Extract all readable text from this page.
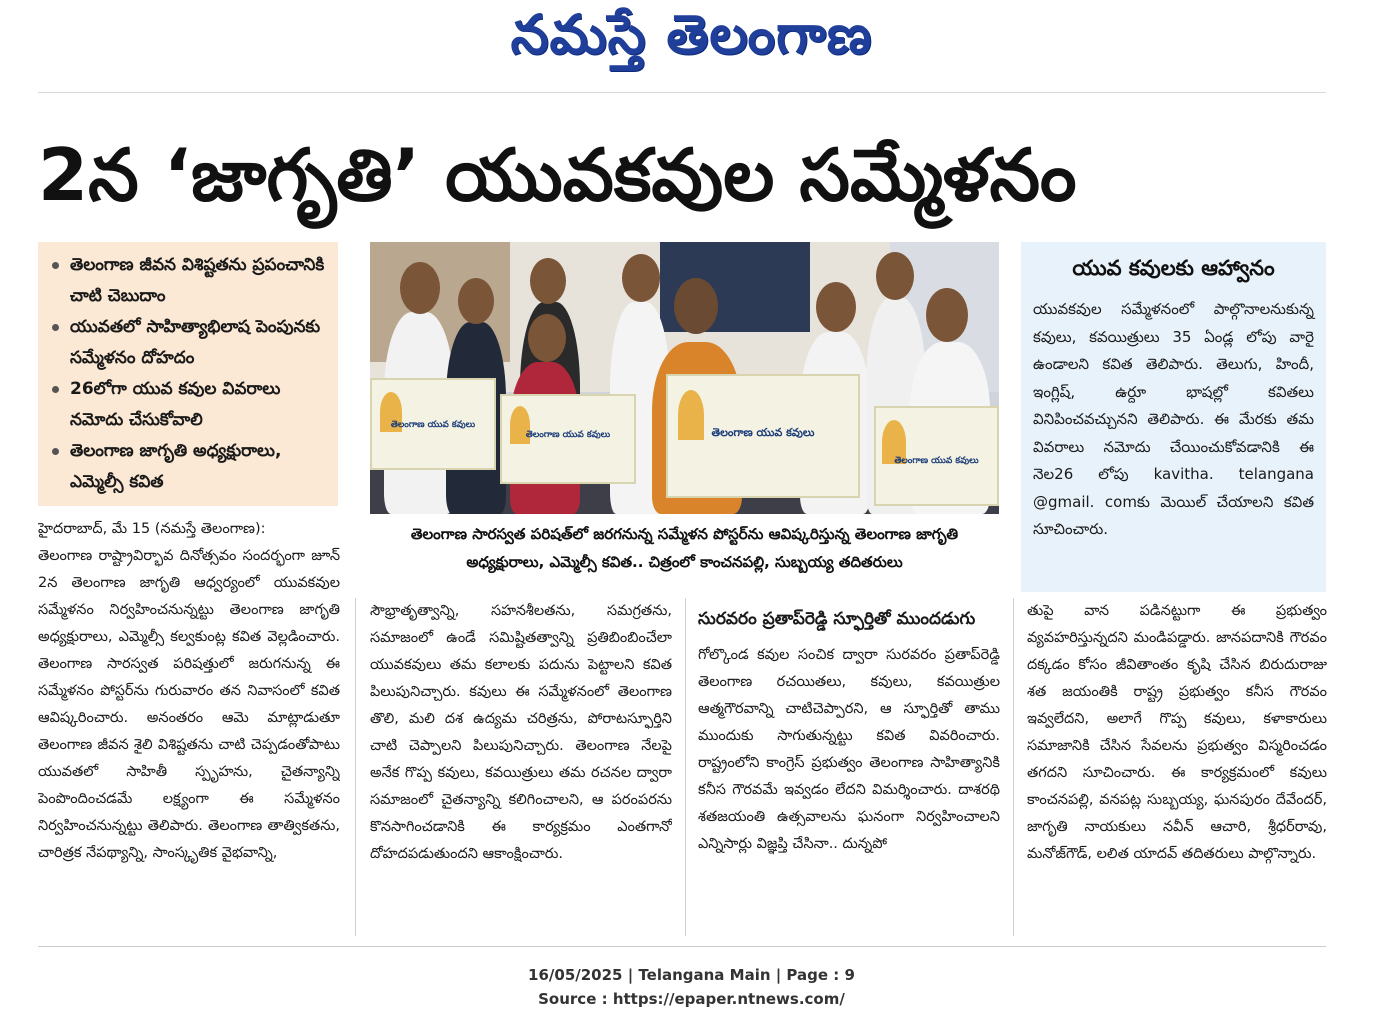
నమస్తే తెలంగాణ
2న ‘జాగృతి’ యువకవుల సమ్మేళనం
తెలంగాణ జీవన విశిష్టతను ప్రపంచానికి చాటి చెబుదాం
యువతలో సాహిత్యాభిలాష పెంపునకు సమ్మేళనం దోహదం
26లోగా యువ కవుల వివరాలు నమోదు చేసుకోవాలి
తెలంగాణ జాగృతి అధ్యక్షురాలు, ఎమ్మెల్సీ కవిత
తెలంగాణ యువ కవులు
తెలంగాణ యువ కవులు	తెలంగాణ యువ కవులు
తెలంగాణ యువ కవులు
తెలంగాణ సారస్వత పరిషత్‌లో జరగనున్న సమ్మేళన పోస్టర్‌ను ఆవిష్కరిస్తున్న తెలంగాణ జాగృతి అధ్యక్షురాలు, ఎమ్మెల్సీ కవిత.. చిత్రంలో కాంచనపల్లి, సుబ్బయ్య తదితరులు
యువ కవులకు ఆహ్వానం

యువకవుల సమ్మేళనంలో పాల్గొనాలనుకున్న కవులు, కవయిత్రులు 35 ఏండ్ల లోపు వారై ఉండాలని కవిత తెలిపారు. తెలుగు, హిందీ, ఇంగ్లిష్, ఉర్దూ భాషల్లో కవితలు వినిపించవచ్చునని తెలిపారు. ఈ మేరకు తమ వివరాలు నమోదు చేయించుకోవడానికి ఈ నెల26 లోపు kavitha. telangana @gmail. comకు మెయిల్ చేయాలని కవిత సూచించారు.

హైదరాబాద్, మే 15 (నమస్తే తెలంగాణ):

తెలంగాణ రాష్ట్రావిర్భావ దినోత్సవం సందర్భంగా జూన్ 2న తెలంగాణ జాగృతి ఆధ్వర్యంలో యువకవుల సమ్మేళనం నిర్వహించనున్నట్టు తెలంగాణ జాగృతి అధ్యక్షురాలు, ఎమ్మెల్సీ కల్వకుంట్ల కవిత వెల్లడించారు. తెలంగాణ సారస్వత పరిషత్తులో జరుగనున్న ఈ సమ్మేళనం పోస్టర్‌ను గురువారం తన నివాసంలో కవిత ఆవిష్కరించారు. అనంతరం ఆమె మాట్లాడుతూ తెలంగాణ జీవన శైలి విశిష్టతను చాటి చెప్పడంతోపాటు యువతలో సాహితీ స్పృహను, చైతన్యాన్ని పెంపొందించడమే లక్ష్యంగా ఈ సమ్మేళనం నిర్వహించనున్నట్టు తెలిపారు. తెలంగాణ తాత్వికతను, చారిత్రక నేపథ్యాన్ని, సాంస్కృతిక వైభవాన్ని,

సౌభ్రాతృత్వాన్ని, సహనశీలతను, సమగ్రతను, సమాజంలో ఉండే సమిష్టితత్వాన్ని ప్రతిబింబించేలా యువకవులు తమ కలాలకు పదును పెట్టాలని కవిత పిలుపునిచ్చారు. కవులు ఈ సమ్మేళనంలో తెలంగాణ తొలి, మలి దశ ఉద్యమ చరిత్రను, పోరాటస్ఫూర్తిని చాటి చెప్పాలని పిలుపునిచ్చారు. తెలంగాణ నేలపై అనేక గొప్ప కవులు, కవయిత్రులు తమ రచనల ద్వారా సమాజంలో చైతన్యాన్ని కలిగించాలని, ఆ పరంపరను కొనసాగించడానికి ఈ కార్యక్రమం ఎంతగానో దోహదపడుతుందని ఆకాంక్షించారు.

సురవరం ప్రతాప్‌రెడ్డి స్ఫూర్తితో ముందడుగు

గోల్కొండ కవుల సంచిక ద్వారా సురవరం ప్రతాప్‌రెడ్డి తెలంగాణ రచయితలు, కవులు, కవయిత్రుల ఆత్మగౌరవాన్ని చాటిచెప్పారని, ఆ స్ఫూర్తితో తాము ముందుకు సాగుతున్నట్టు కవిత వివరించారు. రాష్ట్రంలోని కాంగ్రెస్ ప్రభుత్వం తెలంగాణ సాహిత్యానికి కనీస గౌరవమే ఇవ్వడం లేదని విమర్శించారు. దాశరథి శతజయంతి ఉత్సవాలను ఘనంగా నిర్వహించాలని ఎన్నిసార్లు విజ్ఞప్తి చేసినా.. దున్నపో

తుపై వాన పడినట్టుగా ఈ ప్రభుత్వం వ్యవహరిస్తున్నదని మండిపడ్డారు. జానపదానికి గౌరవం దక్కడం కోసం జీవితాంతం కృషి చేసిన బిరుదురాజు శత జయంతికి రాష్ట్ర ప్రభుత్వం కనీస గౌరవం ఇవ్వలేదని, అలాగే గొప్ప కవులు, కళాకారులు సమాజానికి చేసిన సేవలను ప్రభుత్వం విస్మరించడం తగదని సూచించారు. ఈ కార్యక్రమంలో కవులు కాంచనపల్లి, వనపట్ల సుబ్బయ్య, ఘనపురం దేవేందర్, జాగృతి నాయకులు నవీన్ ఆచారి, శ్రీధర్‌రావు, మనోజ్‌గౌడ్, లలిత యాదవ్ తదితరులు పాల్గొన్నారు.

16/05/2025 | Telangana Main | Page : 9
Source : https://epaper.ntnews.com/
